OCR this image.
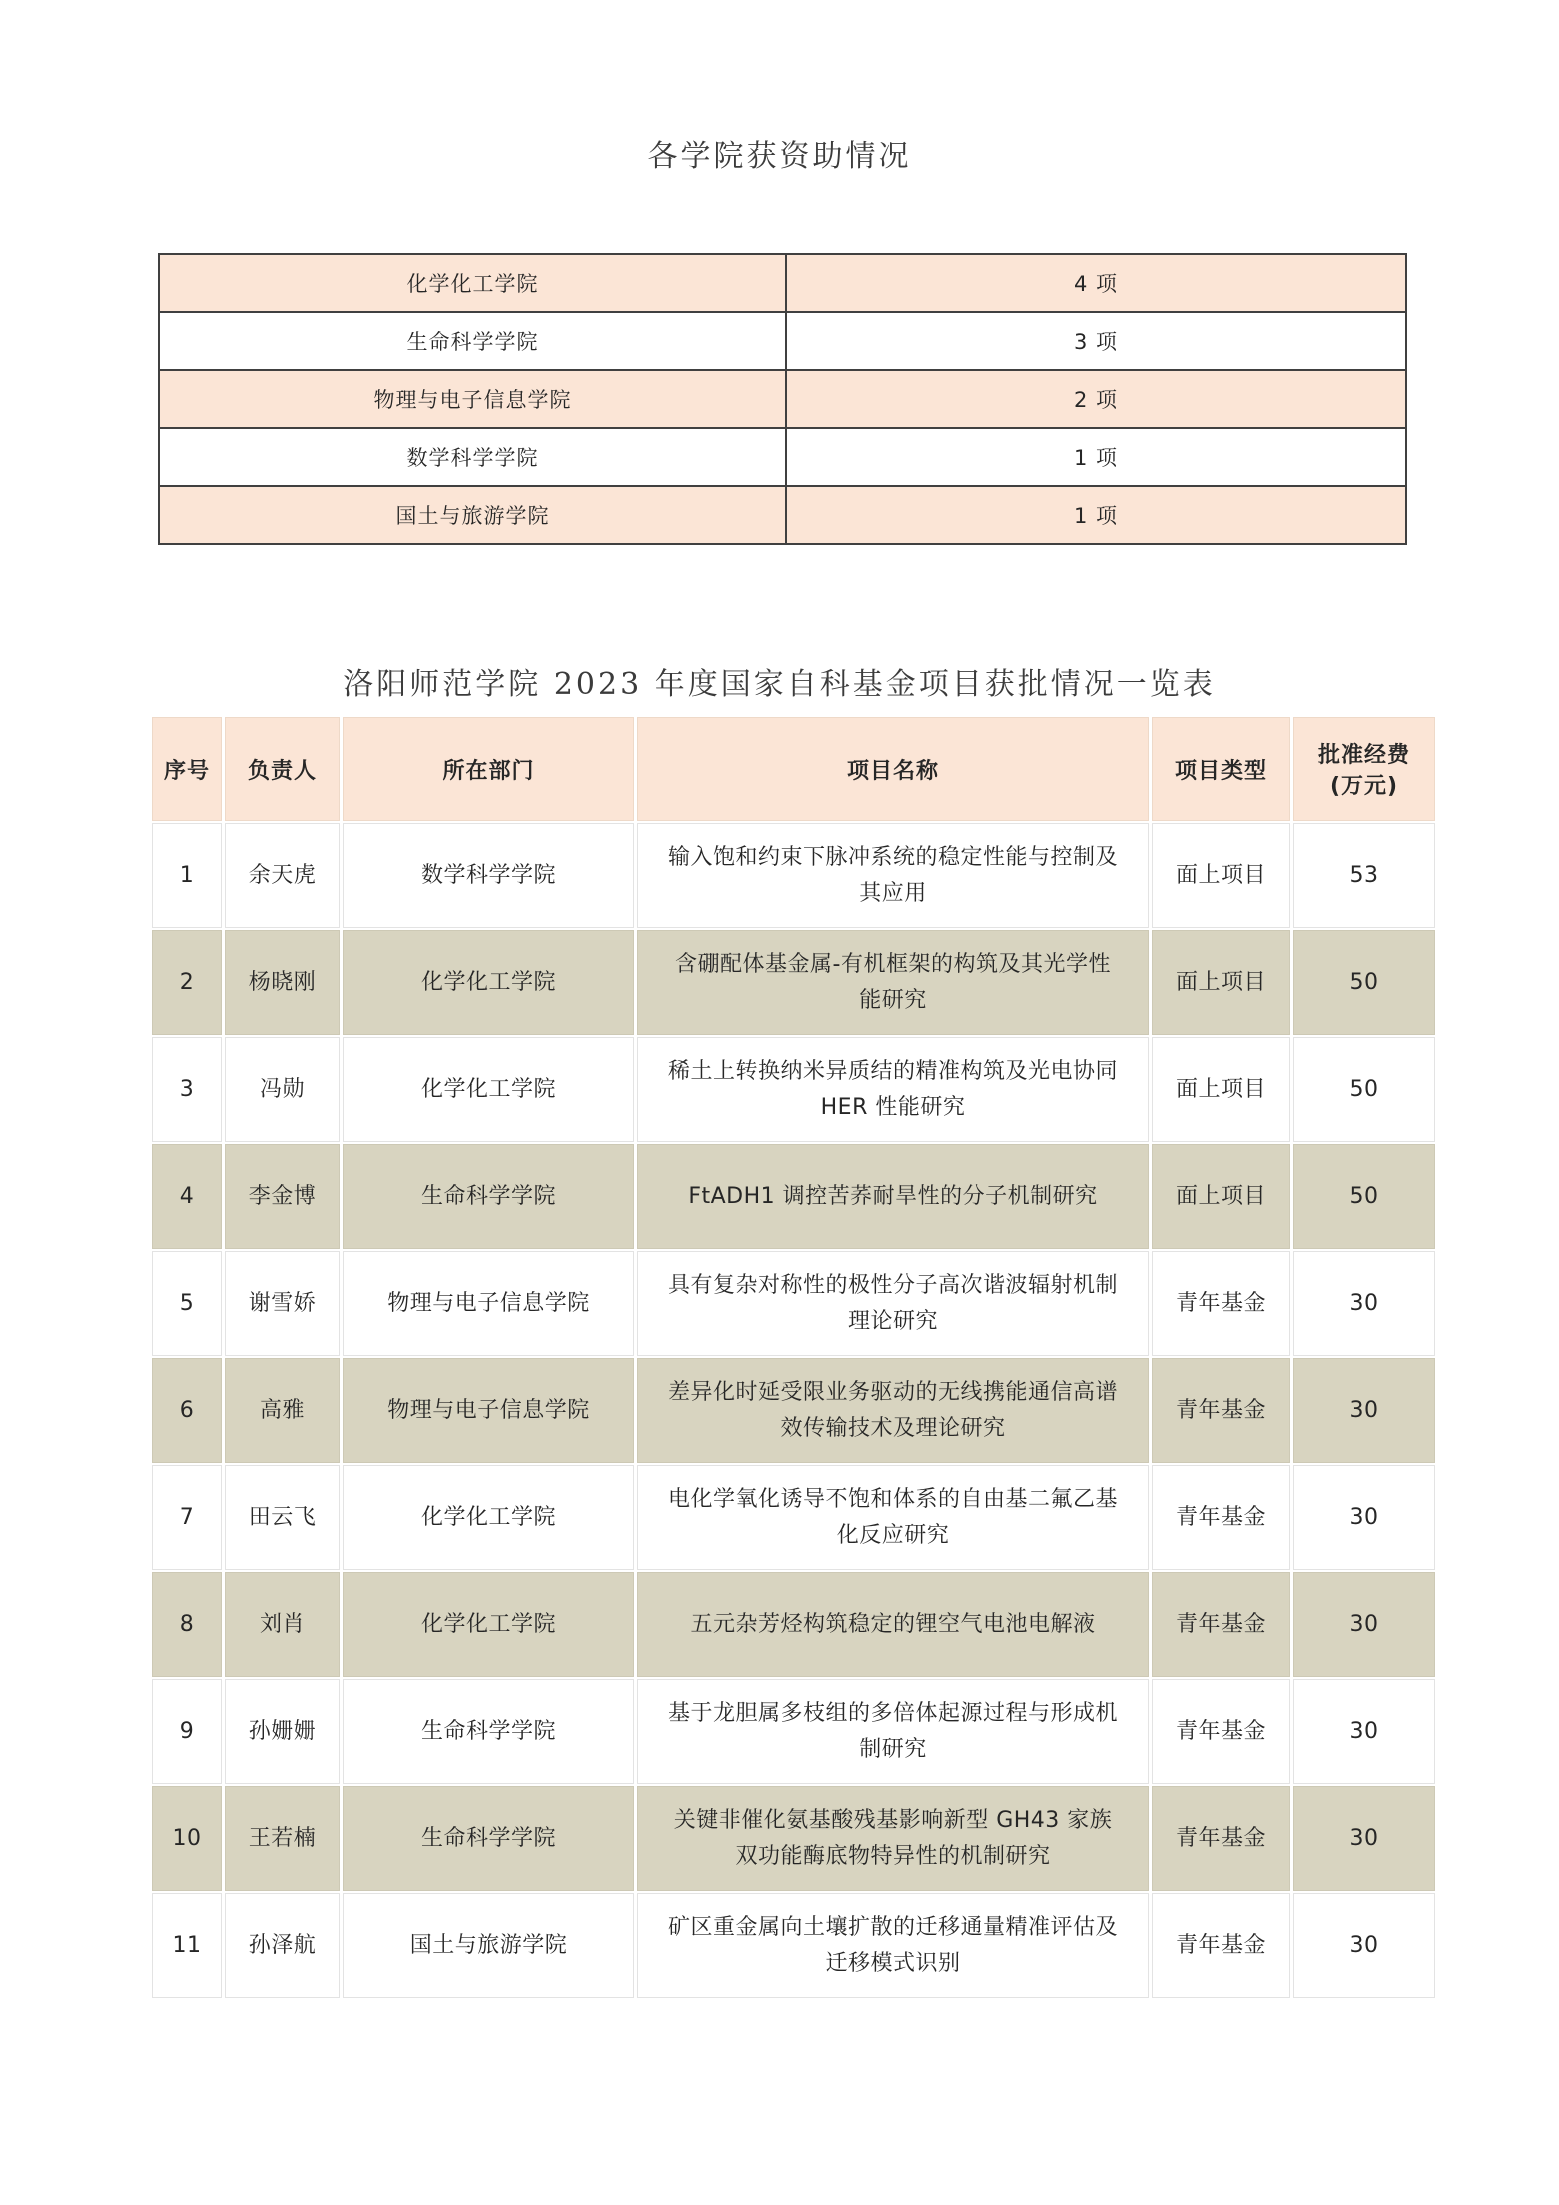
各学院获资助情况
化学化工学院	4 项
生命科学学院	3 项
物理与电子信息学院	2 项
数学科学学院	1 项
国土与旅游学院	1 项
洛阳师范学院 2023 年度国家自科基金项目获批情况一览表
序号	负责人	所在部门	项目名称	项目类型	批准经费
(万元)
1	余天虎	数学科学学院	输入饱和约束下脉冲系统的稳定性能与控制及其应用	面上项目	53
2	杨晓刚	化学化工学院	含硼配体基金属-有机框架的构筑及其光学性能研究	面上项目	50
3	冯勋	化学化工学院	稀土上转换纳米异质结的精准构筑及光电协同 HER 性能研究	面上项目	50
4	李金博	生命科学学院	FtADH1 调控苦荞耐旱性的分子机制研究	面上项目	50
5	谢雪娇	物理与电子信息学院	具有复杂对称性的极性分子高次谐波辐射机制理论研究	青年基金	30
6	高雅	物理与电子信息学院	差异化时延受限业务驱动的无线携能通信高谱效传输技术及理论研究	青年基金	30
7	田云飞	化学化工学院	电化学氧化诱导不饱和体系的自由基二氟乙基化反应研究	青年基金	30
8	刘肖	化学化工学院	五元杂芳烃构筑稳定的锂空气电池电解液	青年基金	30
9	孙姗姗	生命科学学院	基于龙胆属多枝组的多倍体起源过程与形成机制研究	青年基金	30
10	王若楠	生命科学学院	关键非催化氨基酸残基影响新型 GH43 家族双功能酶底物特异性的机制研究	青年基金	30
11	孙泽航	国土与旅游学院	矿区重金属向土壤扩散的迁移通量精准评估及迁移模式识别	青年基金	30
